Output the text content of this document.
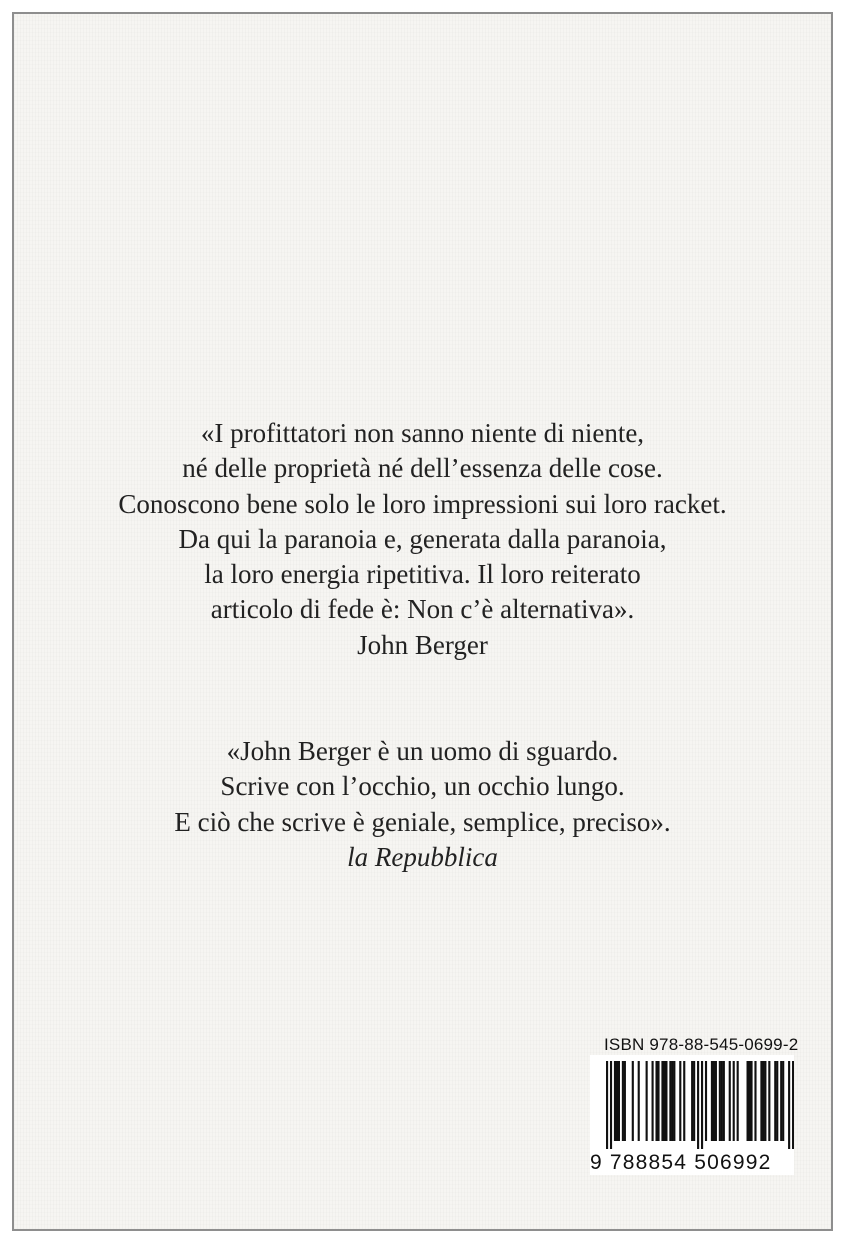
«I profittatori non sanno niente di niente,
né delle proprietà né dell’essenza delle cose.
Conoscono bene solo le loro impressioni sui loro racket.
Da qui la paranoia e, generata dalla paranoia,
la loro energia ripetitiva. Il loro reiterato
articolo di fede è: Non c’è alternativa».
John Berger
«John Berger è un uomo di sguardo.
Scrive con l’occhio, un occhio lungo.
E ciò che scrive è geniale, semplice, preciso».
la Repubblica
ISBN 978-88-545-0699-2
9 788854 506992
